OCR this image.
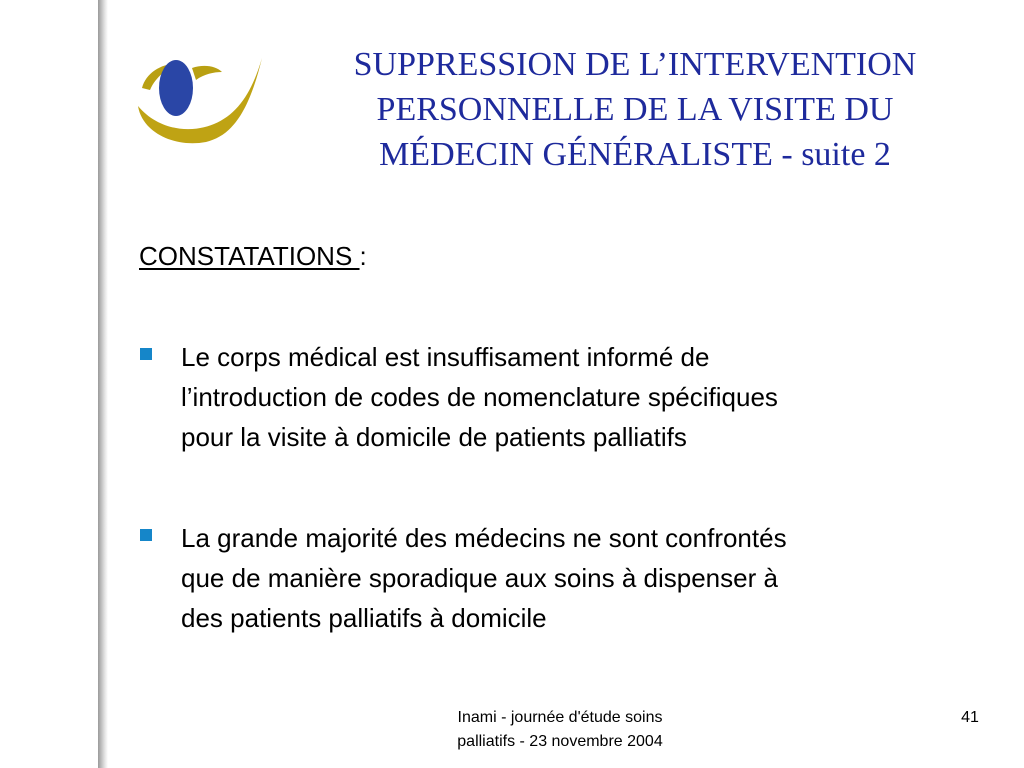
SUPPRESSION DE L’INTERVENTION
PERSONNELLE DE LA VISITE DU
MÉDECIN GÉNÉRALISTE - suite 2
CONSTATATIONS :
Le corps médical est insuffisament informé de
l’introduction de codes de nomenclature spécifiques
pour la visite à domicile de patients palliatifs
La grande majorité des médecins ne sont confrontés
que de manière sporadique aux soins à dispenser à
des patients palliatifs à domicile
Inami - journée d'étude soins
palliatifs - 23 novembre 2004
41
